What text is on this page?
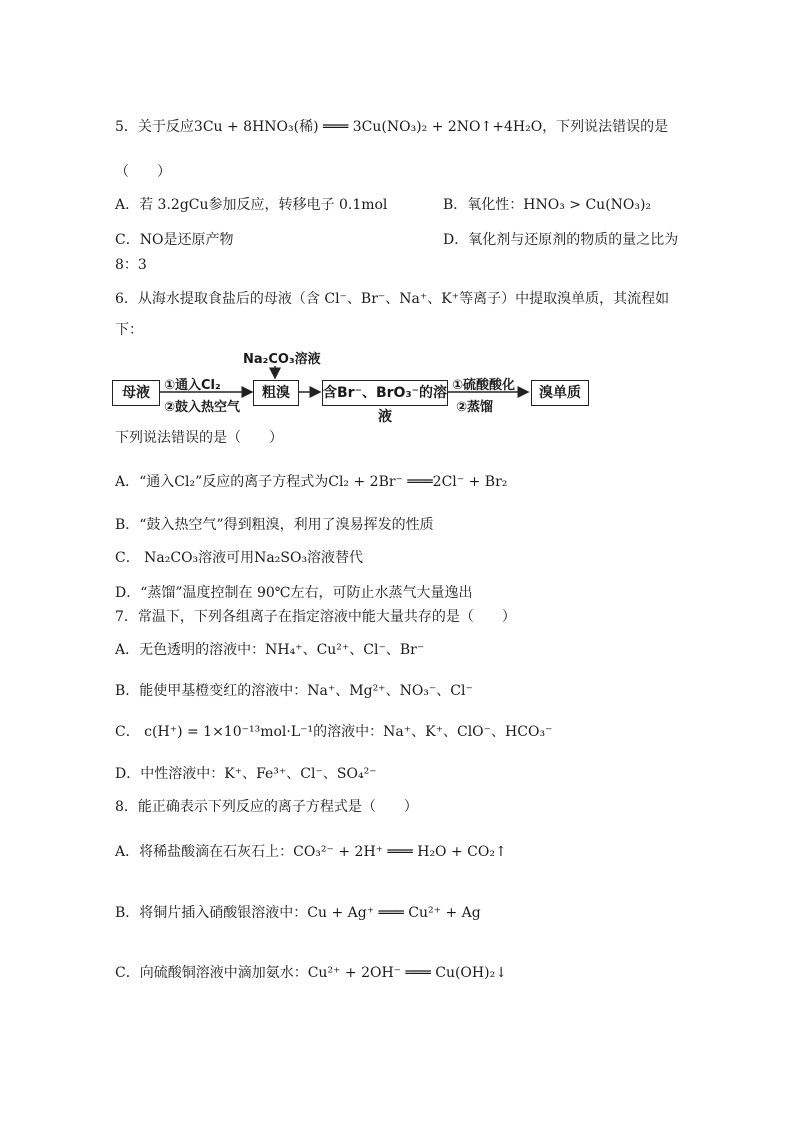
5．关于反应3Cu + 8HNO₃(稀) ═══ 3Cu(NO₃)₂ + 2NO↑+4H₂O，下列说法错误的是
（　　）
A．若 3.2gCu参加反应，转移电子 0.1mol	B．氧化性：HNO₃ > Cu(NO₃)₂
C．NO是还原产物	D．氧化剂与还原剂的物质的量之比为
8：3
6．从海水提取食盐后的母液（含 Cl⁻、Br⁻、Na⁺、K⁺等离子）中提取溴单质，其流程如
下：
母液	①通入Cl₂
②鼓入热空气
Na₂CO₃溶液
粗溴	含Br⁻、BrO₃⁻的溶液
①硫酸酸化
②蒸馏
溴单质
下列说法错误的是（　　）
A．“通入Cl₂”反应的离子方程式为Cl₂ + 2Br⁻ ═══2Cl⁻ + Br₂
B．“鼓入热空气”得到粗溴，利用了溴易挥发的性质
C． Na₂CO₃溶液可用Na₂SO₃溶液替代
D．“蒸馏”温度控制在 90℃左右，可防止水蒸气大量逸出
7．常温下，下列各组离子在指定溶液中能大量共存的是（　　）
A．无色透明的溶液中：NH₄⁺、Cu²⁺、Cl⁻、Br⁻
B．能使甲基橙变红的溶液中：Na⁺、Mg²⁺、NO₃⁻、Cl⁻
C． c(H⁺) = 1×10⁻¹³mol·L⁻¹的溶液中：Na⁺、K⁺、ClO⁻、HCO₃⁻
D．中性溶液中：K⁺、Fe³⁺、Cl⁻、SO₄²⁻
8．能正确表示下列反应的离子方程式是（　　）
A．将稀盐酸滴在石灰石上：CO₃²⁻ + 2H⁺ ═══ H₂O + CO₂↑
B．将铜片插入硝酸银溶液中：Cu + Ag⁺ ═══ Cu²⁺ + Ag
C．向硫酸铜溶液中滴加氨水：Cu²⁺ + 2OH⁻ ═══ Cu(OH)₂↓
